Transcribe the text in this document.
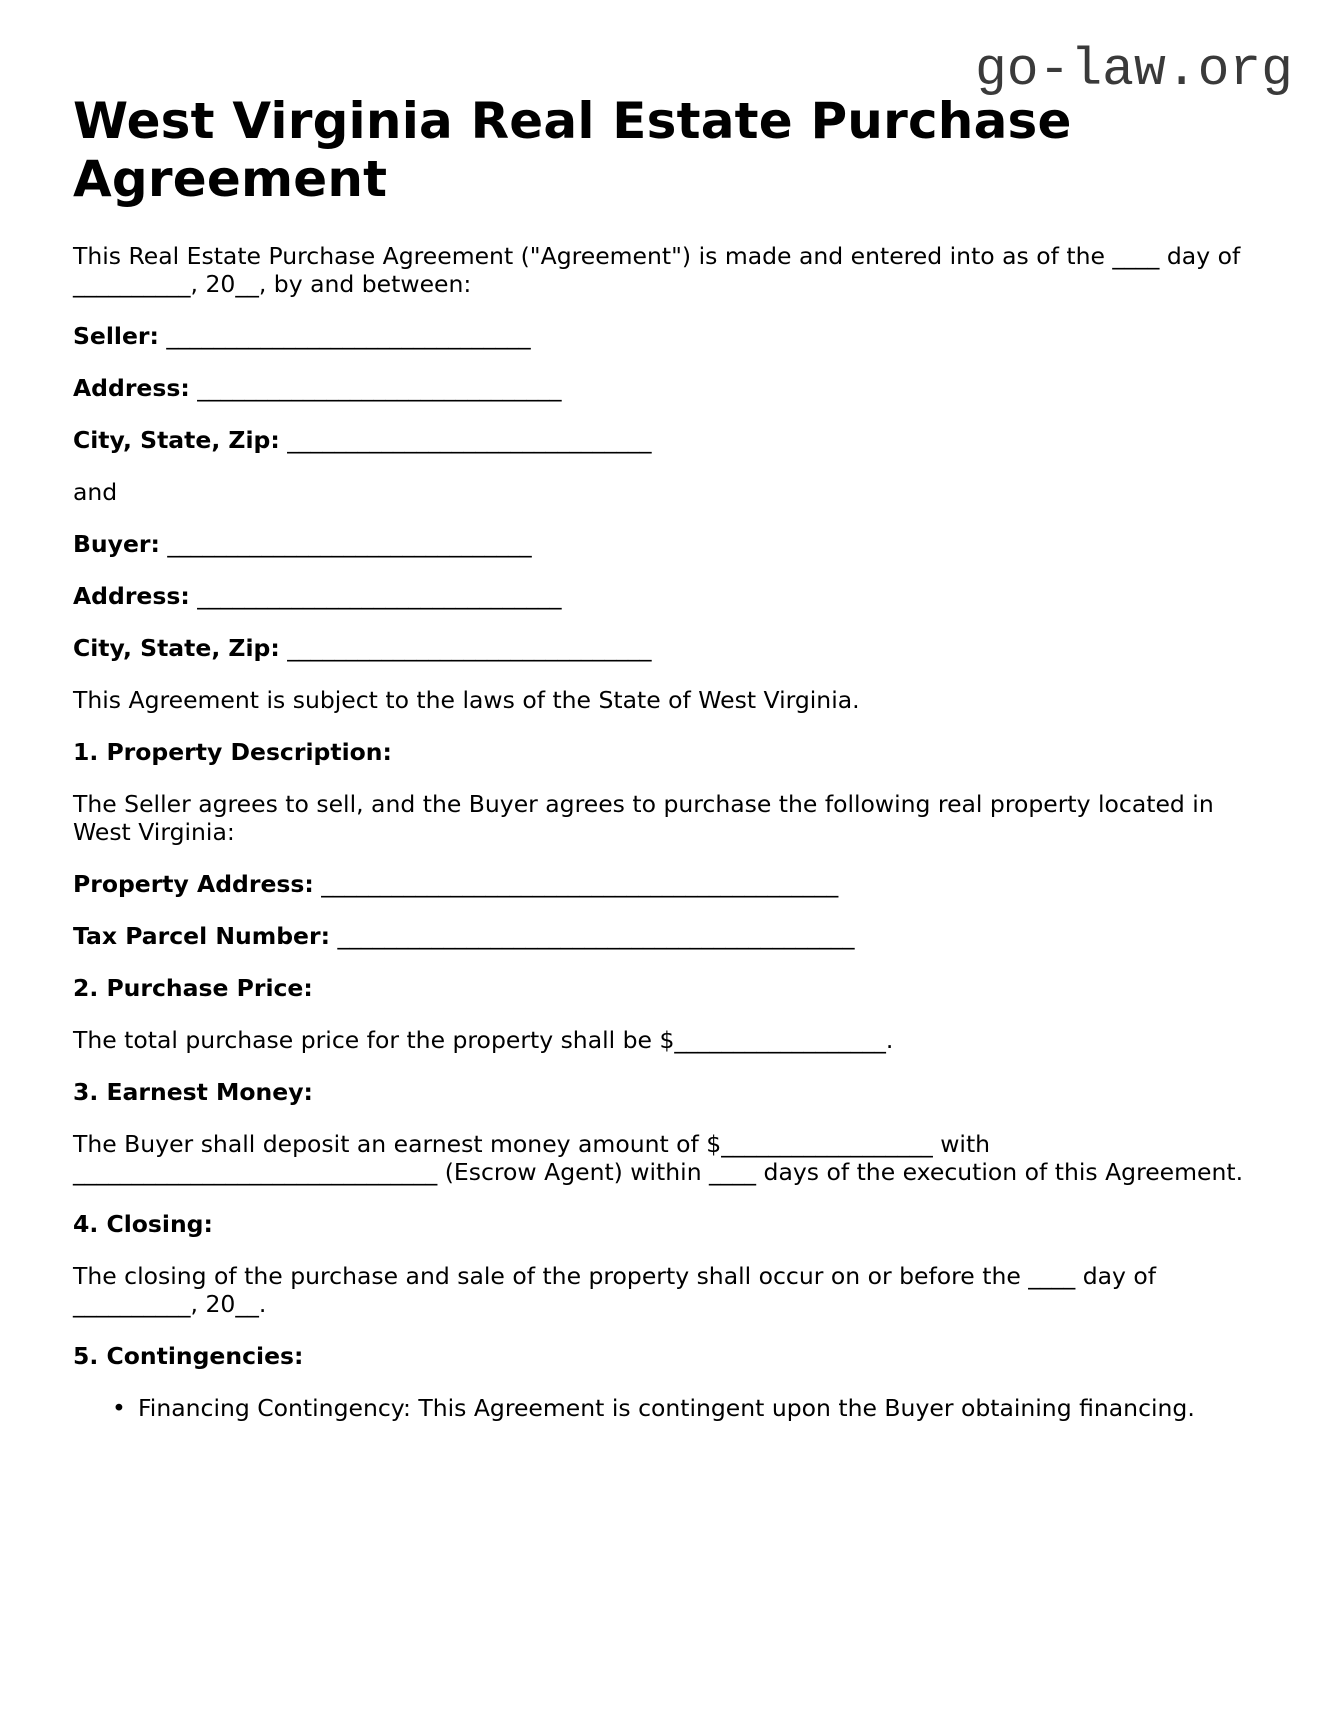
go-law.org
West Virginia Real Estate Purchase Agreement

This Real Estate Purchase Agreement ("Agreement") is made and entered into as of the ____ day of __________, 20__, by and between:

Seller: _______________________________

Address: _______________________________

City, State, Zip: _______________________________

and

Buyer: _______________________________

Address: _______________________________

City, State, Zip: _______________________________

This Agreement is subject to the laws of the State of West Virginia.

1. Property Description:

The Seller agrees to sell, and the Buyer agrees to purchase the following real property located in West Virginia:

Property Address: ____________________________________________

Tax Parcel Number: ____________________________________________

2. Purchase Price:

The total purchase price for the property shall be $__________________.

3. Earnest Money:

The Buyer shall deposit an earnest money amount of $__________________ with _______________________________ (Escrow Agent) within ____ days of the execution of this Agreement.

4. Closing:

The closing of the purchase and sale of the property shall occur on or before the ____ day of __________, 20__.

5. Contingencies:
• Financing Contingency: This Agreement is contingent upon the Buyer obtaining financing.
